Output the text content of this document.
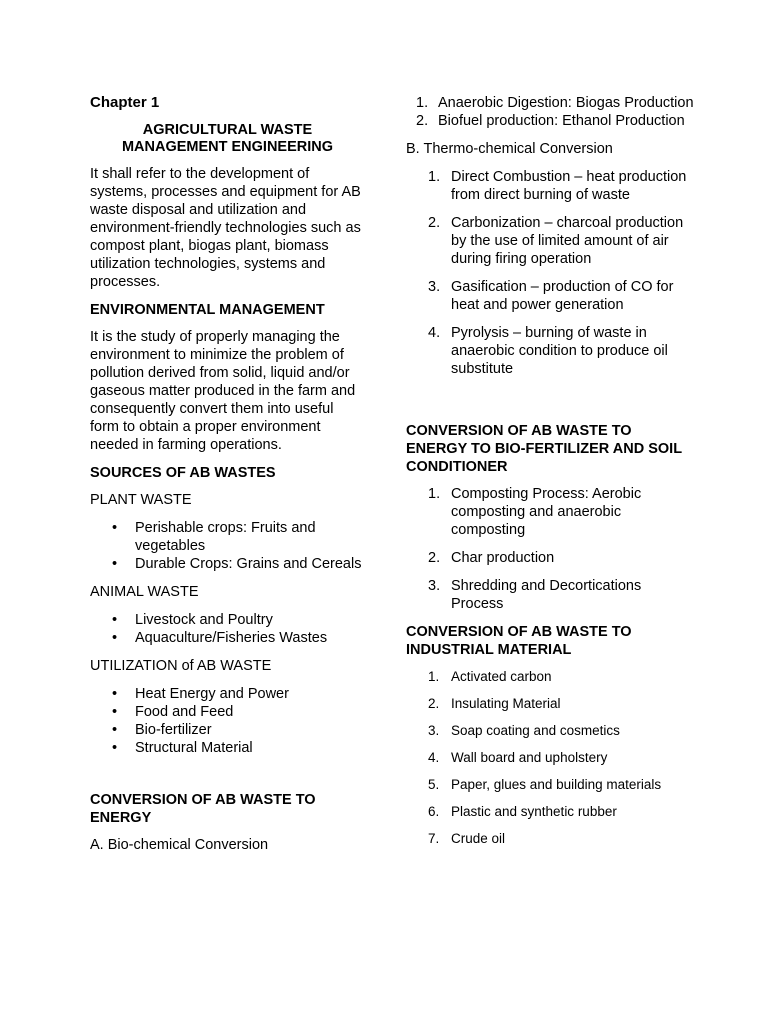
Chapter 1
AGRICULTURAL WASTE MANAGEMENT ENGINEERING

It shall refer to the development of systems, processes and equipment for AB waste disposal and utilization and environment-friendly technologies such as compost plant, biogas plant, biomass utilization technologies, systems and processes.

ENVIRONMENTAL MANAGEMENT

It is the study of properly managing the environment to minimize the problem of pollution derived from solid, liquid and/or gaseous matter produced in the farm and consequently convert them into useful form to obtain a proper environment needed in farming operations.

SOURCES OF AB WASTES
PLANT WASTE
• Perishable crops: Fruits and vegetables
• Durable Crops: Grains and Cereals
ANIMAL WASTE
• Livestock and Poultry
• Aquaculture/Fisheries Wastes
UTILIZATION of AB WASTE
• Heat Energy and Power
• Food and Feed
• Bio-fertilizer
• Structural Material
CONVERSION OF AB WASTE TO ENERGY
A. Bio-chemical Conversion
1. Anaerobic Digestion: Biogas Production
2. Biofuel production: Ethanol Production
B. Thermo-chemical Conversion
1. Direct Combustion – heat production from direct burning of waste
2. Carbonization – charcoal production by the use of limited amount of air during firing operation
3. Gasification – production of CO for heat and power generation
4. Pyrolysis – burning of waste in anaerobic condition to produce oil substitute
CONVERSION OF AB WASTE TO ENERGY TO BIO-FERTILIZER AND SOIL CONDITIONER
1. Composting Process: Aerobic composting and anaerobic composting
2. Char production
3. Shredding and Decortications Process
CONVERSION OF AB WASTE TO INDUSTRIAL MATERIAL
1. Activated carbon
2. Insulating Material
3. Soap coating and cosmetics
4. Wall board and upholstery
5. Paper, glues and building materials
6. Plastic and synthetic rubber
7. Crude oil
